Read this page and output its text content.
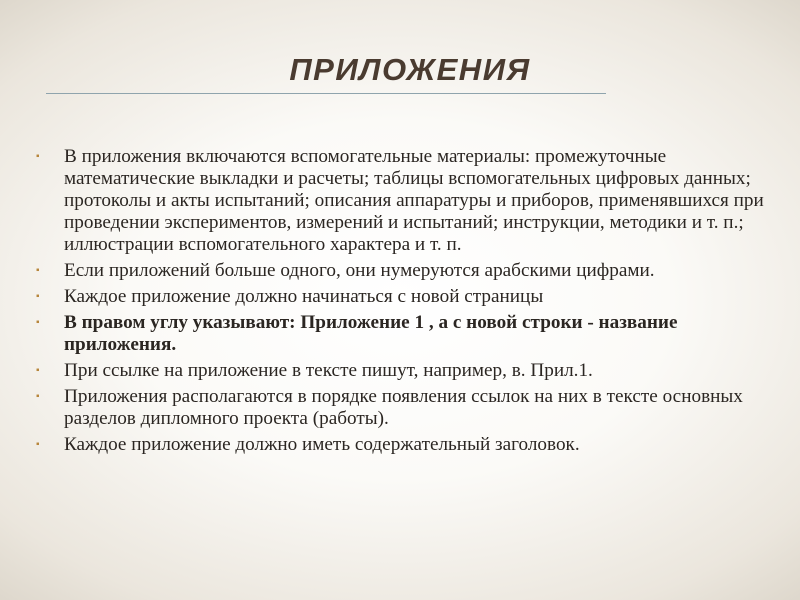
ПРИЛОЖЕНИЯ
▪
В приложения включаются вспомогательные материалы: промежуточные математические выкладки и расчеты; таблицы вспомогательных цифровых данных; протоколы и акты испытаний; описания аппаратуры и приборов, применявшихся при проведении экспериментов, измерений и испытаний; инструкции, методики и т. п.; иллюстрации вспомогательного характера и т. п.
▪
Если приложений больше одного, они нумеруются арабскими цифрами.
▪
Каждое приложение должно начинаться с новой страницы
▪
В правом углу указывают: Приложение 1 , а с новой строки - название приложения.
▪
При ссылке на приложение в тексте пишут, например, в. Прил.1.
▪
Приложения располагаются в порядке появления ссылок на них в тексте основных разделов дипломного проекта (работы).
▪
Каждое приложение должно иметь содержательный заголовок.
